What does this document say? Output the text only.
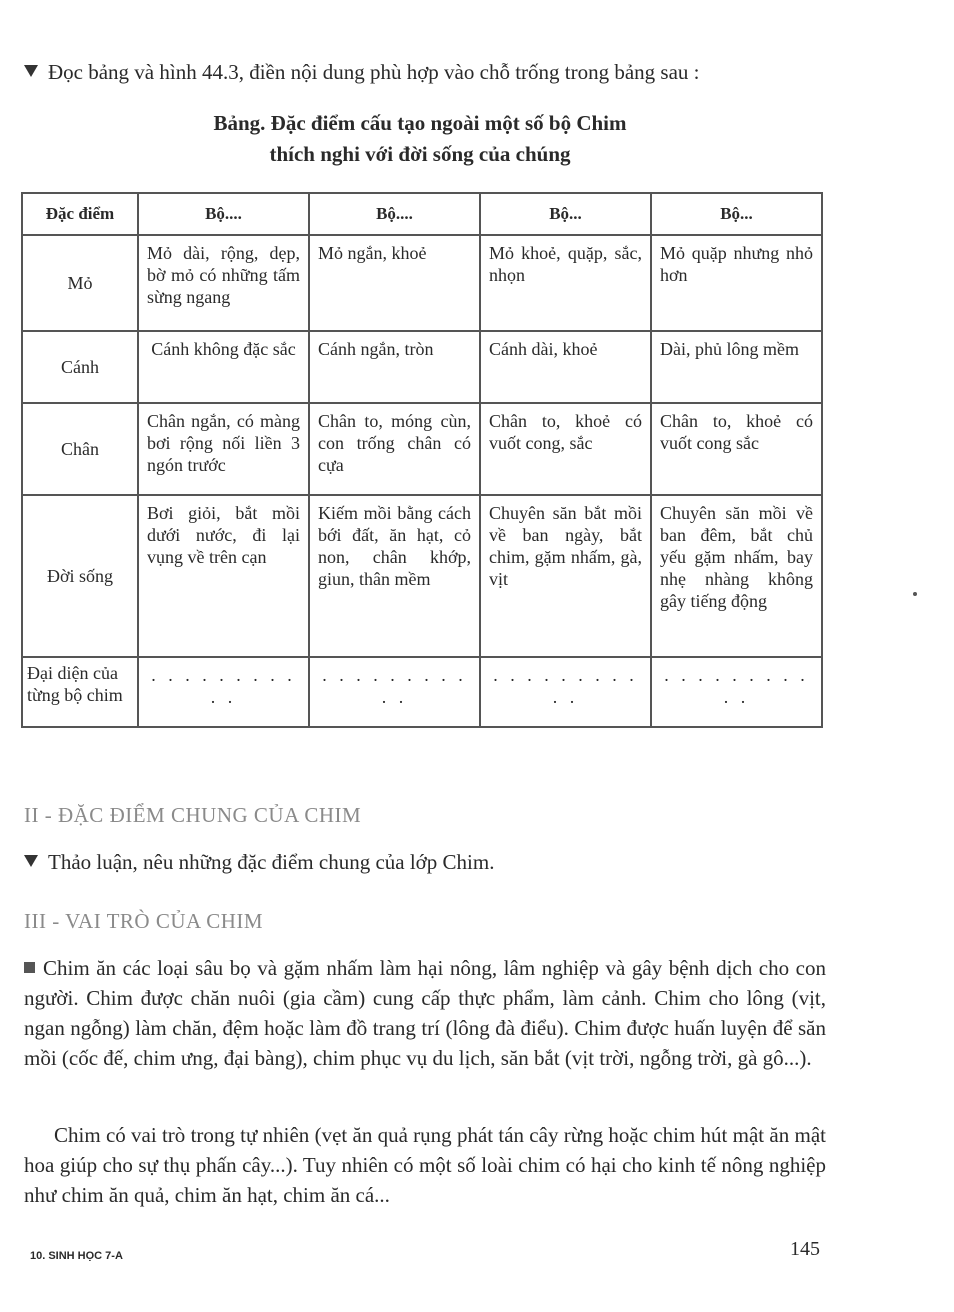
Đọc bảng và hình 44.3, điền nội dung phù hợp vào chỗ trống trong bảng sau :
Bảng. Đặc điểm cấu tạo ngoài một số bộ Chim
thích nghi với đời sống của chúng
Đặc điểm	Bộ....	Bộ....	Bộ...	Bộ...
Mỏ	Mỏ dài, rộng, dẹp, bờ mỏ có những tấm sừng ngang	Mỏ ngắn, khoẻ	Mỏ khoẻ, quặp, sắc, nhọn	Mỏ quặp nhưng nhỏ hơn
Cánh	Cánh không đặc sắc	Cánh ngắn, tròn	Cánh dài, khoẻ	Dài, phủ lông mềm
Chân	Chân ngắn, có màng bơi rộng nối liền 3 ngón trước	Chân to, móng cùn, con trống chân có cựa	Chân to, khoẻ có vuốt cong, sắc	Chân to, khoẻ có vuốt cong sắc
Đời sống	Bơi giỏi, bắt mồi dưới nước, đi lại vụng về trên cạn	Kiếm mồi bằng cách bới đất, ăn hạt, cỏ non, chân khớp, giun, thân mềm	Chuyên săn bắt mồi về ban ngày, bắt chim, gặm nhấm, gà, vịt	Chuyên săn mồi về ban đêm, bắt chủ yếu gặm nhấm, bay nhẹ nhàng không gây tiếng động
Đại diện của từng bộ chim	. . . . . . . . . . .	. . . . . . . . . . .	. . . . . . . . . . .	. . . . . . . . . . .
II - ĐẶC ĐIỂM CHUNG CỦA CHIM
Thảo luận, nêu những đặc điểm chung của lớp Chim.
III - VAI TRÒ CỦA CHIM

Chim ăn các loại sâu bọ và gặm nhấm làm hại nông, lâm nghiệp và gây bệnh dịch cho con người. Chim được chăn nuôi (gia cầm) cung cấp thực phẩm, làm cảnh. Chim cho lông (vịt, ngan ngỗng) làm chăn, đệm hoặc làm đồ trang trí (lông đà điểu). Chim được huấn luyện để săn mồi (cốc đế, chim ưng, đại bàng), chim phục vụ du lịch, săn bắt (vịt trời, ngỗng trời, gà gô...).

Chim có vai trò trong tự nhiên (vẹt ăn quả rụng phát tán cây rừng hoặc chim hút mật ăn mật hoa giúp cho sự thụ phấn cây...). Tuy nhiên có một số loài chim có hại cho kinh tế nông nghiệp như chim ăn quả, chim ăn hạt, chim ăn cá...

10. SINH HỌC 7-A	145
